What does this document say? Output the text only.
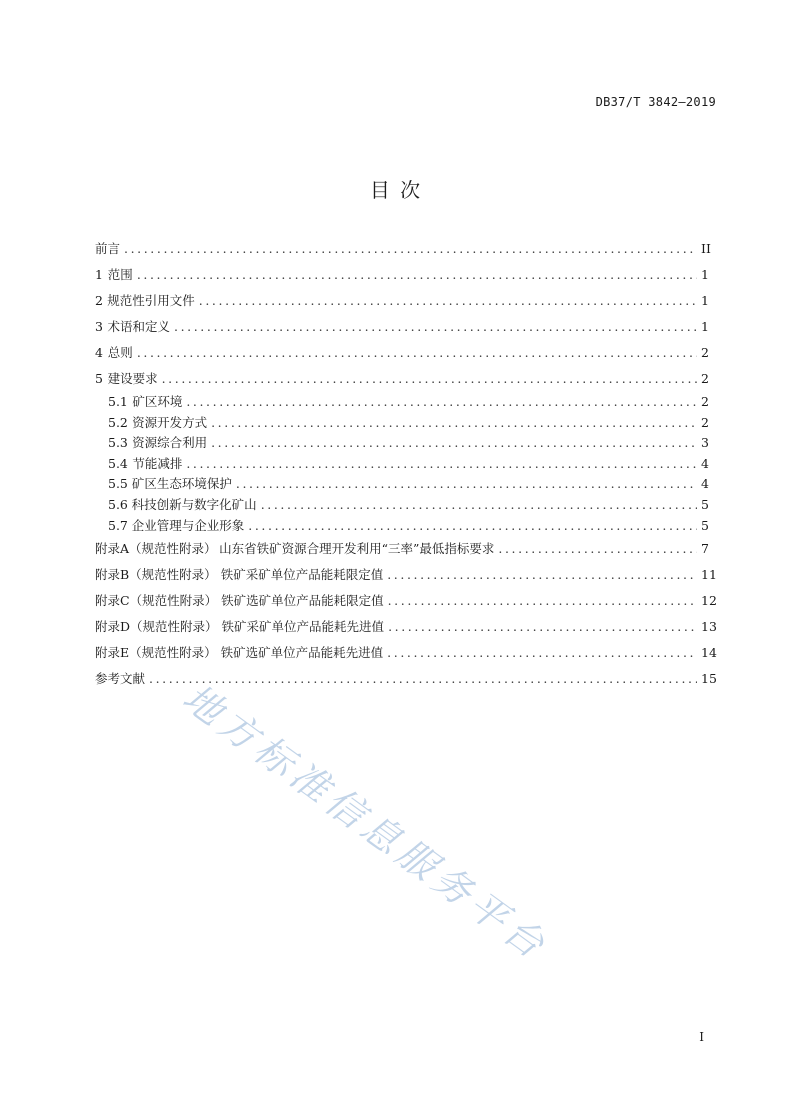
DB37/T 3842—2019
目 次
前言 .....	II
1 范围 .....	1
2 规范性引用文件 .....	1
3 术语和定义 .....	1
4 总则 .....	2
5 建设要求 .....	2
5.1 矿区环境 .....	2
5.2 资源开发方式 .....	2
5.3 资源综合利用 .....	3
5.4 节能减排 .....	4
5.5 矿区生态环境保护 .....	4
5.6 科技创新与数字化矿山 .....	5
5.7 企业管理与企业形象 .....	5
附录A（规范性附录） 山东省铁矿资源合理开发利用“三率”最低指标要求 .....	7
附录B（规范性附录） 铁矿采矿单位产品能耗限定值 .....	11
附录C（规范性附录） 铁矿选矿单位产品能耗限定值 .....	12
附录D（规范性附录） 铁矿采矿单位产品能耗先进值 .....	13
附录E（规范性附录） 铁矿选矿单位产品能耗先进值 .....	14
参考文献 .....	15
地方标准信息服务平台
I
